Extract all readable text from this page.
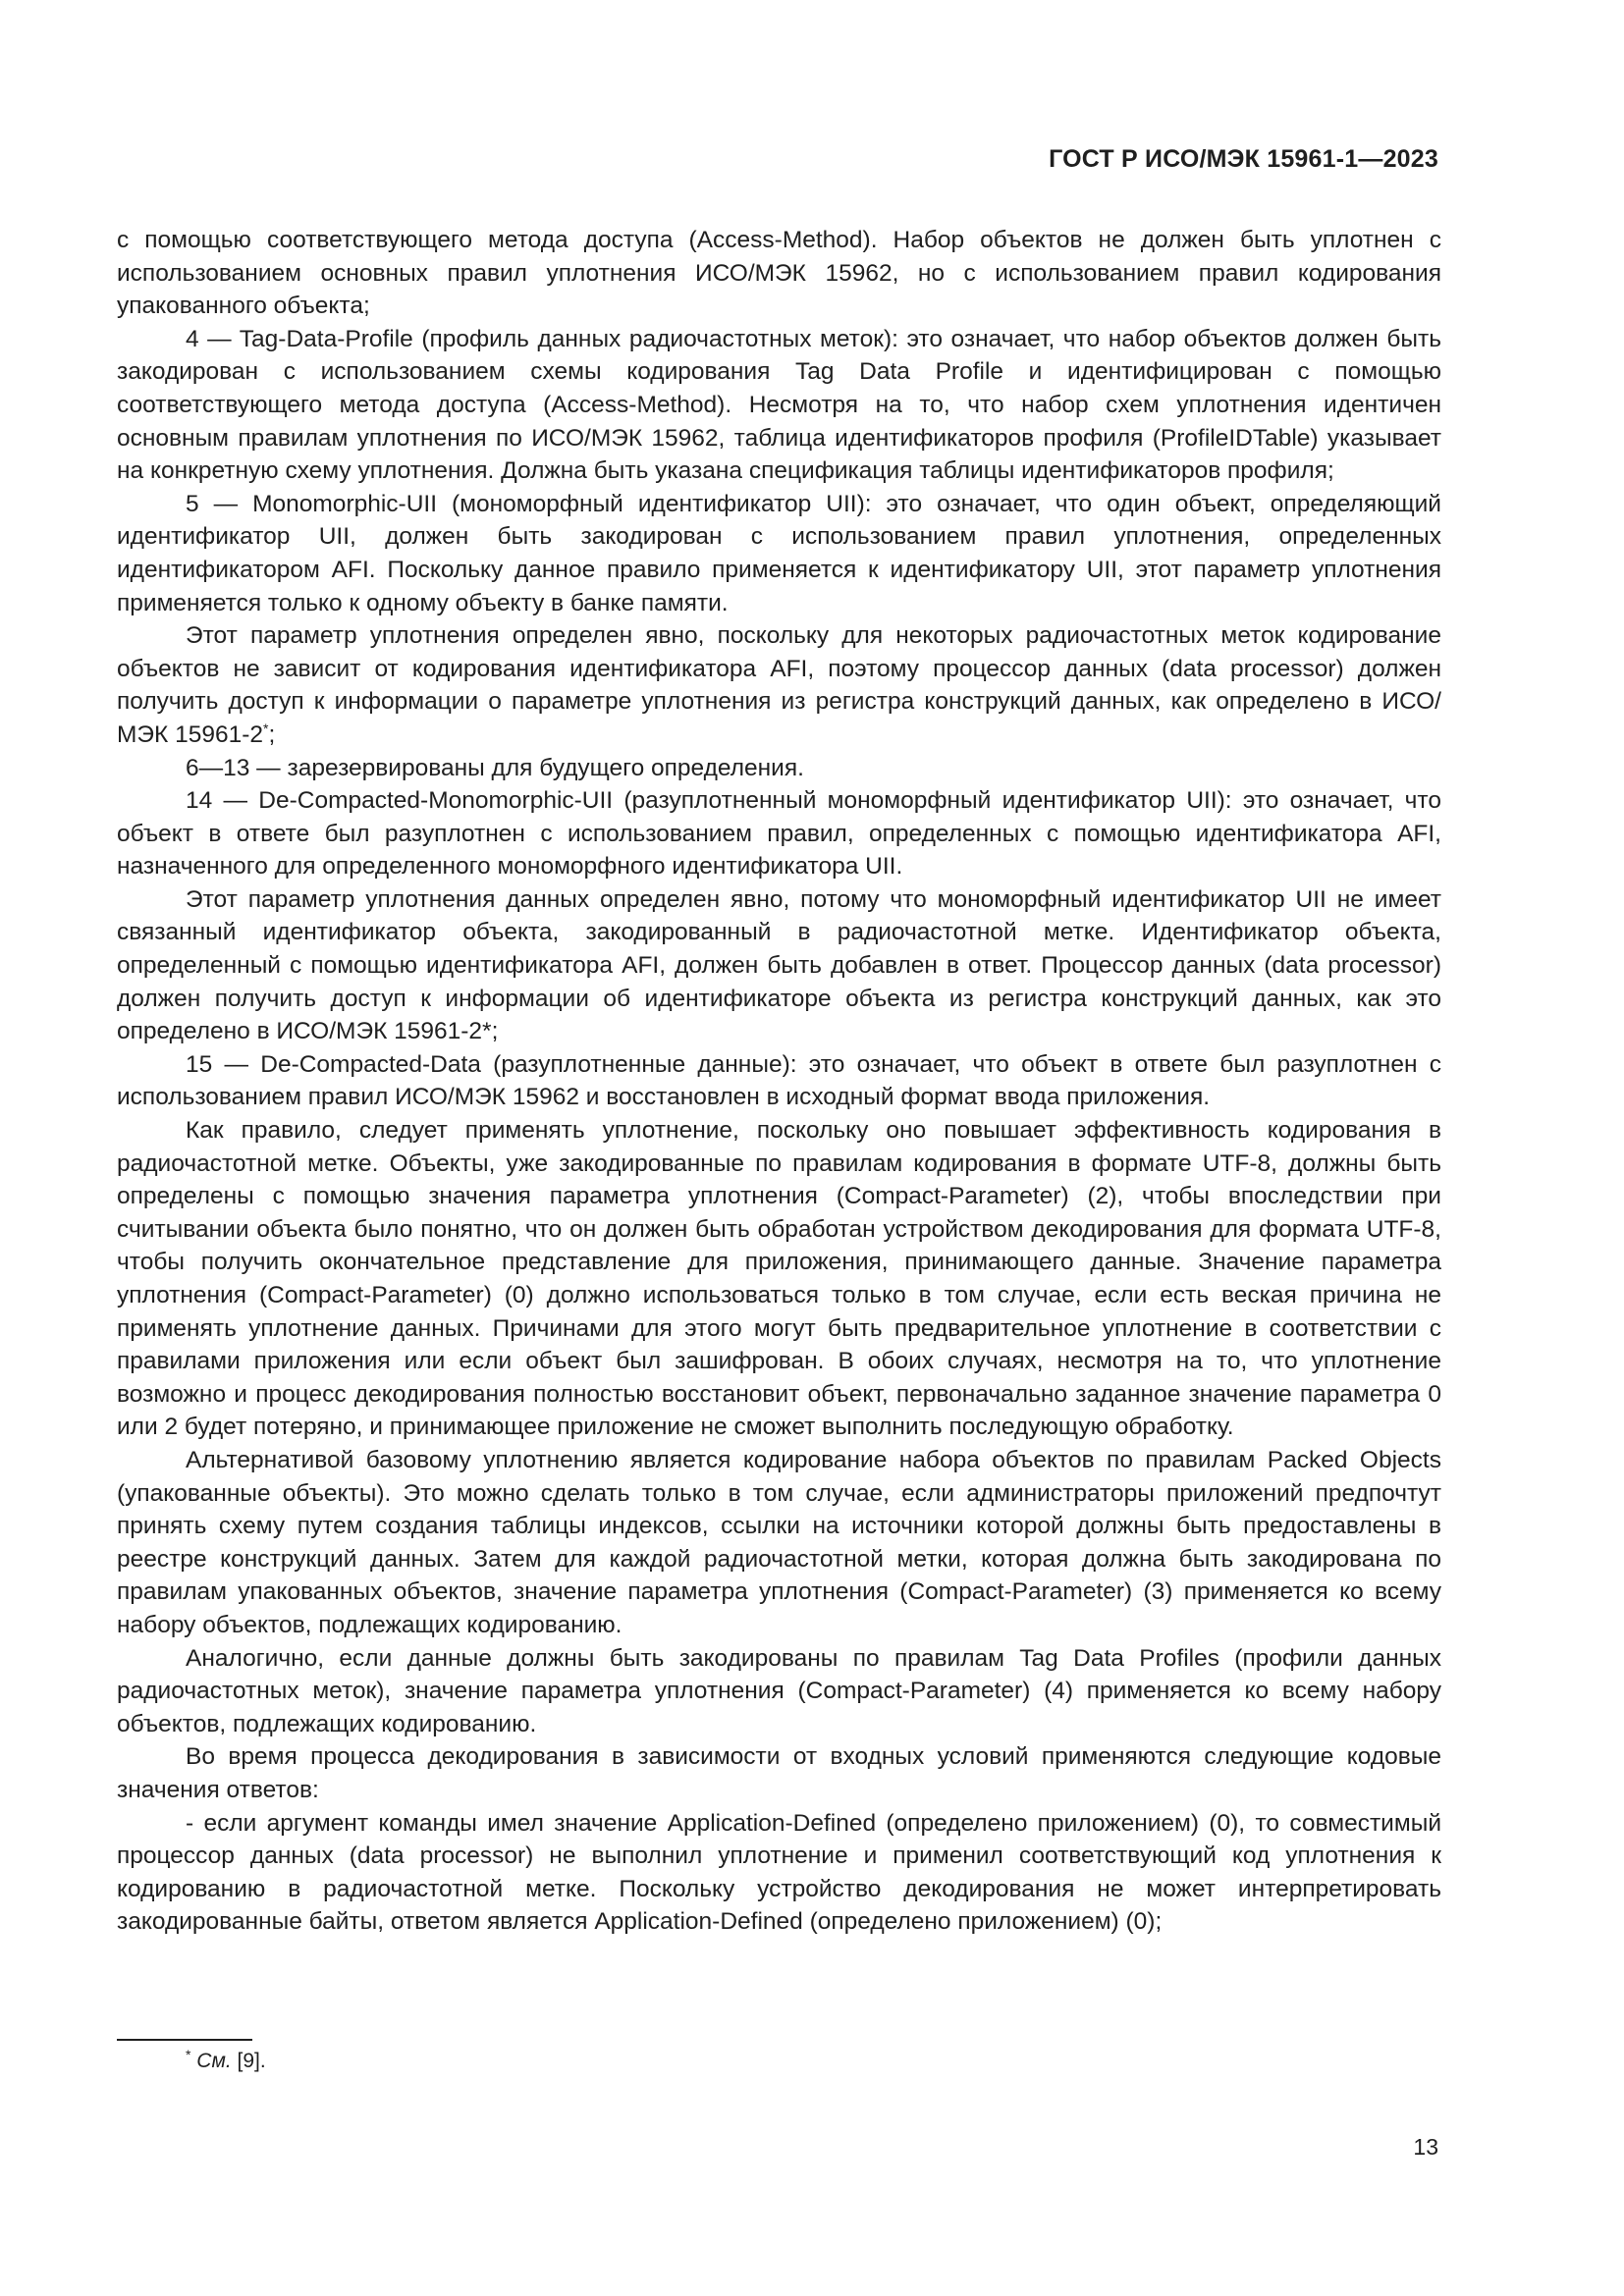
ГОСТ Р ИСО/МЭК 15961-1—2023

с помощью соответствующего метода доступа (Access-Method). Набор объектов не должен быть уплотнен с использованием основных правил уплотнения ИСО/МЭК 15962, но с использованием правил кодирования упакованного объекта;

4 — Tag-Data-Profile (профиль данных радиочастотных меток): это означает, что набор объектов должен быть закодирован с использованием схемы кодирования Tag Data Profile и идентифицирован с помощью соответствующего метода доступа (Access-Method). Несмотря на то, что набор схем уплотнения идентичен основным правилам уплотнения по ИСО/МЭК 15962, таблица идентификаторов профиля (ProfileIDTable) указывает на конкретную схему уплотнения. Должна быть указана спецификация таблицы идентификаторов профиля;

5 — Monomorphic-UII (мономорфный идентификатор UII): это означает, что один объект, определяющий идентификатор UII, должен быть закодирован с использованием правил уплотнения, определенных идентификатором AFI. Поскольку данное правило применяется к идентификатору UII, этот параметр уплотнения применяется только к одному объекту в банке памяти.

Этот параметр уплотнения определен явно, поскольку для некоторых радиочастотных меток кодирование объектов не зависит от кодирования идентификатора AFI, поэтому процессор данных (data processor) должен получить доступ к информации о параметре уплотнения из регистра конструкций данных, как определено в ИСО/МЭК 15961-2*;

6—13 — зарезервированы для будущего определения.

14 — De-Compacted-Monomorphic-UII (разуплотненный мономорфный идентификатор UII): это означает, что объект в ответе был разуплотнен с использованием правил, определенных с помощью идентификатора AFI, назначенного для определенного мономорфного идентификатора UII.

Этот параметр уплотнения данных определен явно, потому что мономорфный идентификатор UII не имеет связанный идентификатор объекта, закодированный в радиочастотной метке. Идентификатор объекта, определенный с помощью идентификатора AFI, должен быть добавлен в ответ. Процессор данных (data processor) должен получить доступ к информации об идентификаторе объекта из регистра конструкций данных, как это определено в ИСО/МЭК 15961-2*;

15 — De-Compacted-Data (разуплотненные данные): это означает, что объект в ответе был разуплотнен с использованием правил ИСО/МЭК 15962 и восстановлен в исходный формат ввода приложения.

Как правило, следует применять уплотнение, поскольку оно повышает эффективность кодирования в радиочастотной метке. Объекты, уже закодированные по правилам кодирования в формате UTF-8, должны быть определены с помощью значения параметра уплотнения (Compact-Parameter) (2), чтобы впоследствии при считывании объекта было понятно, что он должен быть обработан устройством декодирования для формата UTF-8, чтобы получить окончательное представление для приложения, принимающего данные. Значение параметра уплотнения (Compact-Parameter) (0) должно использоваться только в том случае, если есть веская причина не применять уплотнение данных. Причинами для этого могут быть предварительное уплотнение в соответствии с правилами приложения или если объект был зашифрован. В обоих случаях, несмотря на то, что уплотнение возможно и процесс декодирования полностью восстановит объект, первоначально заданное значение параметра 0 или 2 будет потеряно, и принимающее приложение не сможет выполнить последующую обработку.

Альтернативой базовому уплотнению является кодирование набора объектов по правилам Packed Objects (упакованные объекты). Это можно сделать только в том случае, если администраторы приложений предпочтут принять схему путем создания таблицы индексов, ссылки на источники которой должны быть предоставлены в реестре конструкций данных. Затем для каждой радиочастотной метки, которая должна быть закодирована по правилам упакованных объектов, значение параметра уплотнения (Compact-Parameter) (3) применяется ко всему набору объектов, подлежащих кодированию.

Аналогично, если данные должны быть закодированы по правилам Tag Data Profiles (профили данных радиочастотных меток), значение параметра уплотнения (Compact-Parameter) (4) применяется ко всему набору объектов, подлежащих кодированию.

Во время процесса декодирования в зависимости от входных условий применяются следующие кодовые значения ответов:

- если аргумент команды имел значение Application-Defined (определено приложением) (0), то совместимый процессор данных (data processor) не выполнил уплотнение и применил соответствующий код уплотнения к кодированию в радиочастотной метке. Поскольку устройство декодирования не может интерпретировать закодированные байты, ответом является Application-Defined (определено приложением) (0);

* См. [9].
13
